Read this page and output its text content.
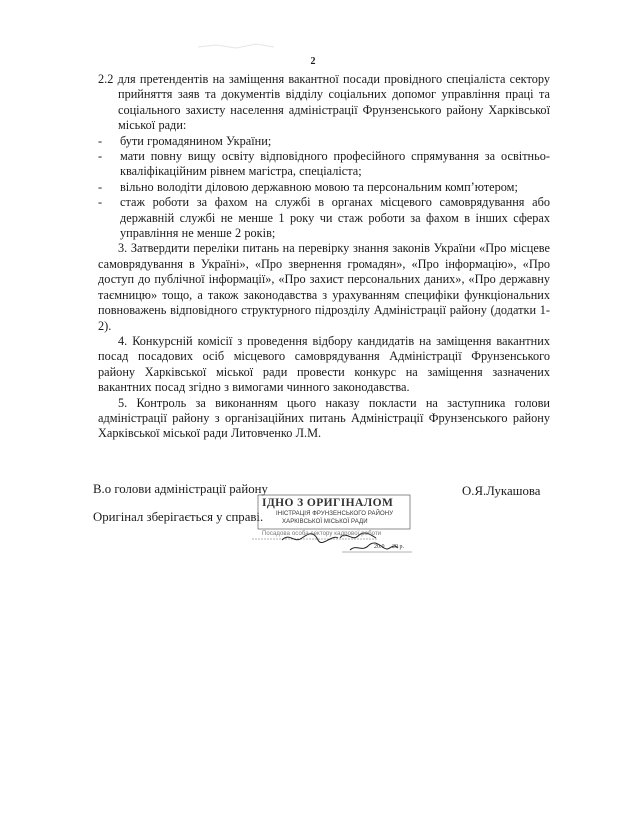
2

2.2 для претендентів на заміщення вакантної посади провідного спеціаліста сектору прийняття заяв та документів відділу соціальних допомог управління праці та соціального захисту населення адміністрації Фрунзенського району Харківської міської ради:

- бути громадянином України;
- мати повну вищу освіту відповідного професійного спрямування за освітньо-кваліфікаційним рівнем магістра, спеціаліста;
- вільно володіти діловою державною мовою та персональним комп’ютером;
- стаж роботи за фахом на службі в органах місцевого самоврядування або державній службі не менше 1 року чи стаж роботи за фахом в інших сферах управління не менше 2 років;

3. Затвердити переліки питань на перевірку знання законів України «Про місцеве самоврядування в Україні», «Про звернення громадян», «Про інформацію», «Про доступ до публічної інформації», «Про захист персональних даних», «Про державну таємницю» тощо, а також законодавства з урахуванням специфіки функціональних повноважень відповідного структурного підрозділу Адміністрації району (додатки 1-2).

4. Конкурсній комісії з проведення відбору кандидатів на заміщення вакантних посад посадових осіб місцевого самоврядування Адміністрації Фрунзенського району Харківської міської ради провести конкурс на заміщення зазначених вакантних посад згідно з вимогами чинного законодавства.

5. Контроль за виконанням цього наказу покласти на заступника голови адміністрації району з організаційних питань Адміністрації Фрунзенського району Харківської міської ради Литовченко Л.М.

В.о голови адміністрації району	О.Я.Лукашова
Оригінал зберігається у справі.
ІДНО З ОРИГІНАЛОМ
ІНІСТРАЦІЯ ФРУНЗЕНСЬКОГО РАЙОНУ
ХАРКІВСЬКОЇ МІСЬКОЇ РАДИ
Посадова особа сектору кадрової роботи
20.0 20 р.
